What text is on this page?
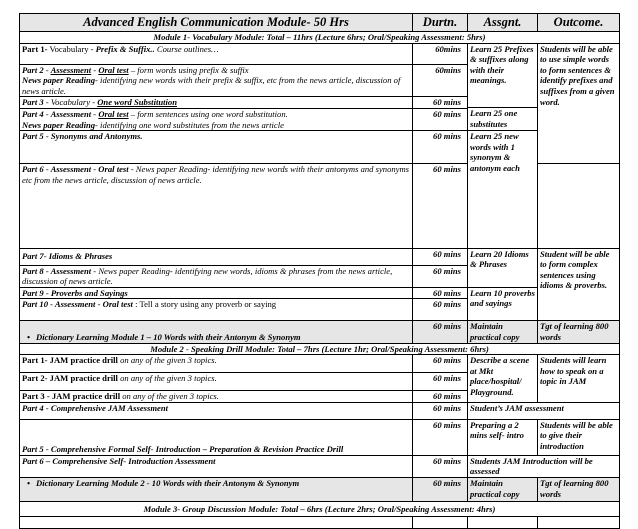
Advanced English Communication Module- 50 Hrs	Durtn.	Assgnt.	Outcome.	
Module 1- Vocabulary Module: Total – 11hrs (Lecture 6hrs; Oral/Speaking Assessment: 5hrs)				
Part 1- Vocabulary - Prefix & Suffix.. Course outlines…	60mins	Learn 25 Prefixes & suffixes along with their meanings.	Students will be able to use simple words to form sentences & identify prefixes and suffixes from a given word.	
Part 2 - Assessment - Oral test – form words using prefix & suffix
News paper Reading- identifying new words with their prefix & suffix, etc from the news article, discussion of news article.	60mins			
Part 3 - Vocabulary - One word Substitution	60 mins			
		Learn 25 one substitutes		
Part 4 - Assessment - Oral test – form sentences using one word substitution.
News paper Reading- identifying one word substitutes from the news article	60 mins			
Part 5 - Synonyms and Antonyms.	60 mins	Learn 25 new words with 1 synonym & antonym each	
Part 6 - Assessment - Oral test - News paper Reading- identifying new words with their antonyms and synonyms etc from the news article, discussion of news article.	60 mins			
Part 7- Idioms & Phrases	60 mins	Learn 20 Idioms & Phrases	Student will be able to form complex sentences using idioms & proverbs.	
Part 8 - Assessment - News paper Reading- identifying new words, idioms & phrases from the news article, discussion of news article.	60 mins			
Part 9 - Proverbs and Sayings	60 mins	Learn 10 proverbs and sayings		
Part 10 - Assessment - Oral test : Tell a story using any proverb or saying	60 mins			

• Dictionary Learning Module 1 – 10 Words with their Antonym & Synonym	60 mins	Maintain practical copy	Tgt of learning 800 words	
Module 2 - Speaking Drill Module: Total – 7hrs (Lecture 1hr; Oral/Speaking Assessment: 6hrs)				
Part 1- JAM practice drill on any of the given 3 topics.	60 mins	Describe a scene at Mkt place/hospital/ Playground.	Students will learn how to speak on a topic in JAM	
Part 2- JAM practice drill on any of the given 3 topics.	60 mins			
Part 3 - JAM practice drill on any of the given 3 topics.	60 mins			
Part 4 - Comprehensive JAM Assessment	60 mins	Student’s JAM assessment		
Part 5 - Comprehensive Formal Self- Introduction – Preparation & Revision Practice Drill	60 mins	Preparing a 2 mins self- intro	Students will be able to give their introduction	
Part 6 – Comprehensive Self- Introduction Assessment	60 mins	Students JAM Introduction will be assessed		

• Dictionary Learning Module 2 - 10 Words with their Antonym & Synonym	60 mins	Maintain practical copy	Tgt of learning 800 words	
Module 3- Group Discussion Module: Total – 6hrs (Lecture 2hrs; Oral/Speaking Assessment: 4hrs)				
